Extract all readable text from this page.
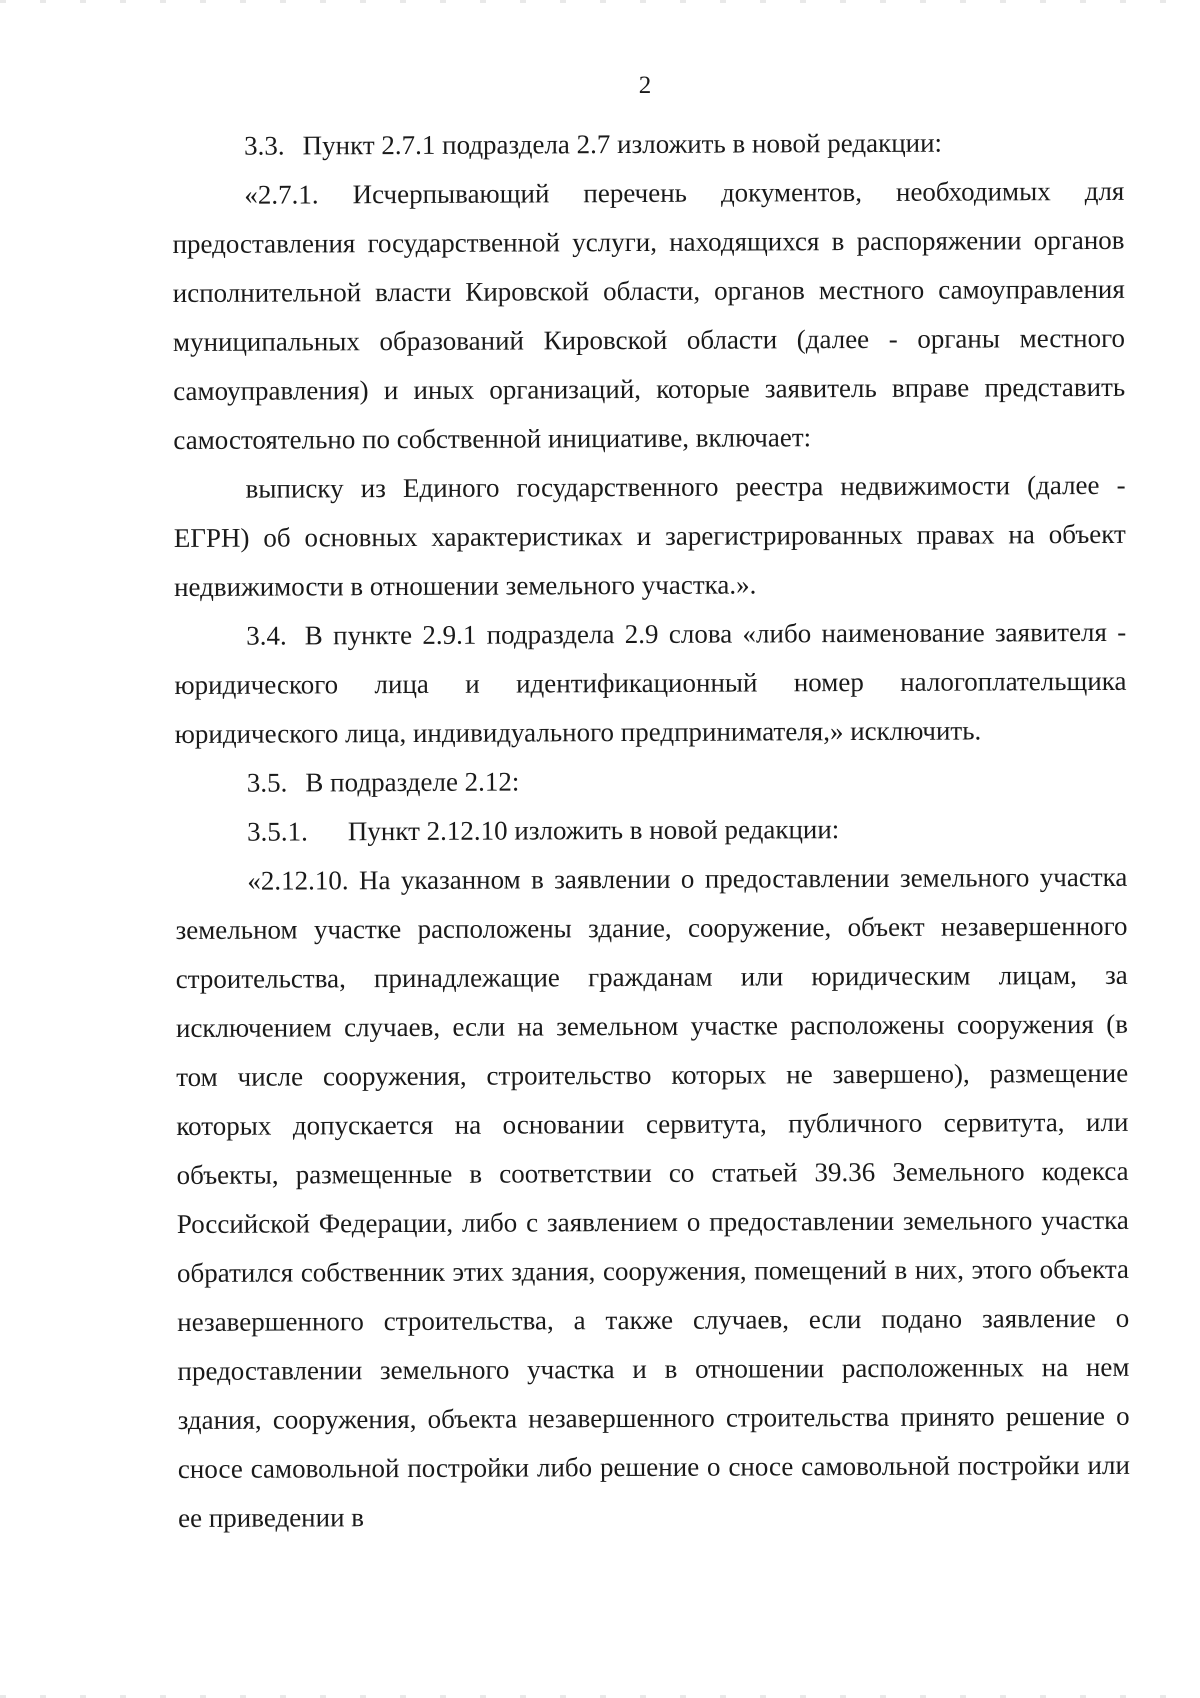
2

3.3. Пункт 2.7.1 подраздела 2.7 изложить в новой редакции:

«2.7.1. Исчерпывающий перечень документов, необходимых для предоставления государственной услуги, находящихся в распоряжении органов исполнительной власти Кировской области, органов местного самоуправления муниципальных образований Кировской области (далее - органы местного самоуправления) и иных организаций, которые заявитель вправе представить самостоятельно по собственной инициативе, включает:

выписку из Единого государственного реестра недвижимости (далее - ЕГРН) об основных характеристиках и зарегистрированных правах на объект недвижимости в отношении земельного участка.».

3.4. В пункте 2.9.1 подраздела 2.9 слова «либо наименование заявителя - юридического лица и идентификационный номер налогоплательщика юридического лица, индивидуального предпринимателя,» исключить.

3.5. В подразделе 2.12:

3.5.1. Пункт 2.12.10 изложить в новой редакции:

«2.12.10. На указанном в заявлении о предоставлении земельного участка земельном участке расположены здание, сооружение, объект незавершенного строительства, принадлежащие гражданам или юридическим лицам, за исключением случаев, если на земельном участке расположены сооружения (в том числе сооружения, строительство которых не завершено), размещение которых допускается на основании сервитута, публичного сервитута, или объекты, размещенные в соответствии со статьей 39.36 Земельного кодекса Российской Федерации, либо с заявлением о предоставлении земельного участка обратился собственник этих здания, сооружения, помещений в них, этого объекта незавершенного строительства, а также случаев, если подано заявление о предоставлении земельного участка и в отношении расположенных на нем здания, сооружения, объекта незавершенного строительства принято решение о сносе самовольной постройки либо решение о сносе самовольной постройки или ее приведении в
